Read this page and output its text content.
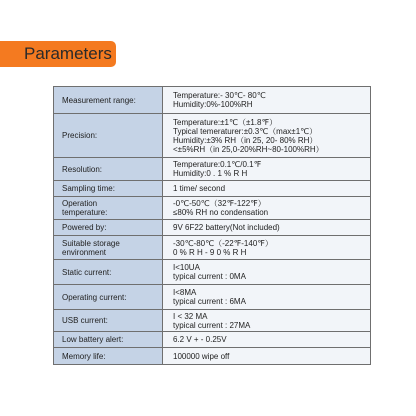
Parameters
Measurement range:	Temperature:- 30℃- 80℃
Humidity:0%-100%RH

Precision:	Temperature:±1℃（±1.8℉）
Typical temeraturer:±0.3℃（max±1℃）
Humidity:±3% RH（in 25, 20- 80% RH）
<±5%RH（in 25,0-20%RH~80-100%RH）

Resolution:	Temperature:0.1℃/0.1℉
Humidity:0 . 1 % R H

Sampling time:	1 time/ second

Operation
temperature:	-0℃-50℃（32℉-122℉）
≤80% RH no condensation

Powered by:	9V 6F22 battery(Not included)

Suitable storage
environment	-30℃-80℃（-22℉-140℉）
0 % R H - 9 0 % R H

Static current:	I<10UA
typical current : 0MA

Operating current:	I<8MA
typical current : 6MA

USB current:	I < 32 MA
typical current : 27MA

Low battery alert:	6.2 V + - 0.25V

Memory life:	100000 wipe off
